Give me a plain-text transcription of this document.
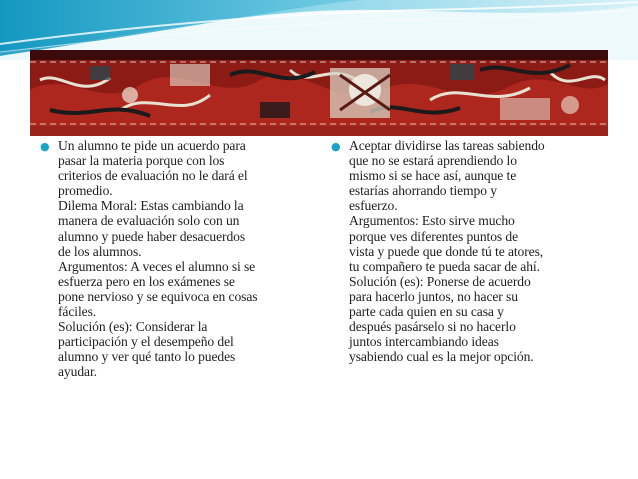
● Un alumno te pide un acuerdo para
pasar la materia porque con los
criterios de evaluación no le dará el
promedio.
Dilema Moral: Estas cambiando la
manera de evaluación solo con un
alumno y puede haber desacuerdos
de los alumnos.
Argumentos: A veces el alumno si se
esfuerza pero en los exámenes se
pone nervioso y se equivoca en cosas
fáciles.
Solución (es): Considerar la
participación y el desempeño del
alumno y ver qué tanto lo puedes
ayudar.
● Aceptar dividirse las tareas sabiendo
que no se estará aprendiendo lo
mismo si se hace así, aunque te
estarías ahorrando tiempo y
esfuerzo.
Argumentos: Esto sirve mucho
porque ves diferentes puntos de
vista y puede que donde tú te atores,
tu compañero te pueda sacar de ahí.
Solución (es): Ponerse de acuerdo
para hacerlo juntos, no hacer su
parte cada quien en su casa y
después pasárselo si no hacerlo
juntos intercambiando ideas
ysabiendo cual es la mejor opción.
